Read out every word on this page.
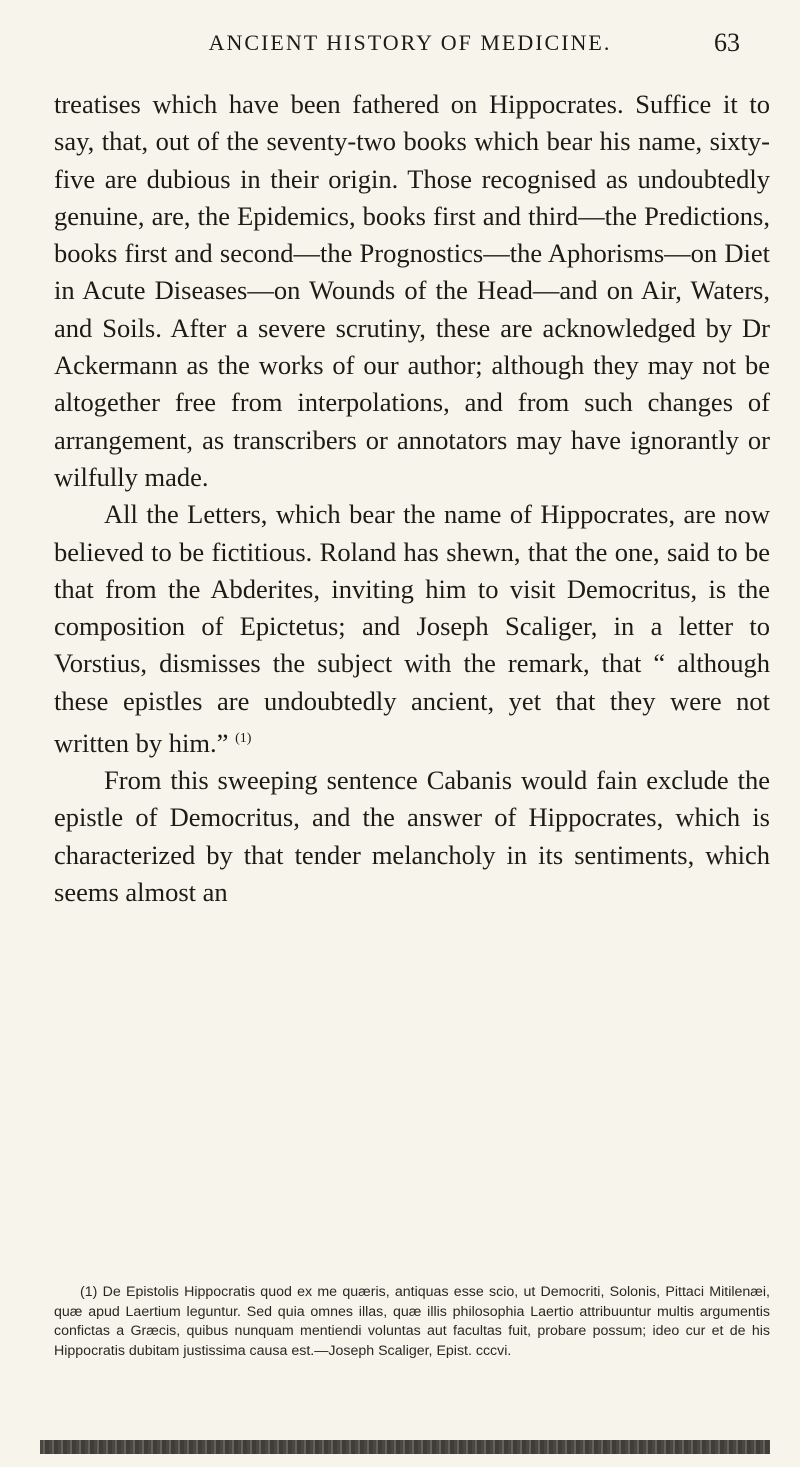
ANCIENT HISTORY OF MEDICINE.	63

treatises which have been fathered on Hippocrates. Suffice it to say, that, out of the seventy-two books which bear his name, sixty-five are dubious in their origin. Those recognised as undoubtedly genuine, are, the Epidemics, books first and third—the Predictions, books first and second—the Prognostics—the Aphorisms—on Diet in Acute Diseases—on Wounds of the Head—and on Air, Waters, and Soils. After a severe scrutiny, these are acknowledged by Dr Ackermann as the works of our author; although they may not be altogether free from interpolations, and from such changes of arrangement, as transcribers or annotators may have ignorantly or wilfully made.

All the Letters, which bear the name of Hippocrates, are now believed to be fictitious. Roland has shewn, that the one, said to be that from the Abderites, inviting him to visit Democritus, is the composition of Epictetus; and Joseph Scaliger, in a letter to Vorstius, dismisses the subject with the remark, that “ although these epistles are undoubtedly ancient, yet that they were not written by him.” $^{(1)}$

From this sweeping sentence Cabanis would fain exclude the epistle of Democritus, and the answer of Hippocrates, which is characterized by that tender melancholy in its sentiments, which seems almost an

(1) De Epistolis Hippocratis quod ex me quæris, antiquas esse scio, ut Democriti, Solonis, Pittaci Mitilenæi, quæ apud Laertium leguntur. Sed quia omnes illas, quæ illis philosophia Laertio attribuuntur multis argumentis confictas a Græcis, quibus nunquam mentiendi voluntas aut facultas fuit, probare possum; ideo cur et de his Hippocratis dubitam justissima causa est.—Joseph Scaliger, Epist. cccvi.
